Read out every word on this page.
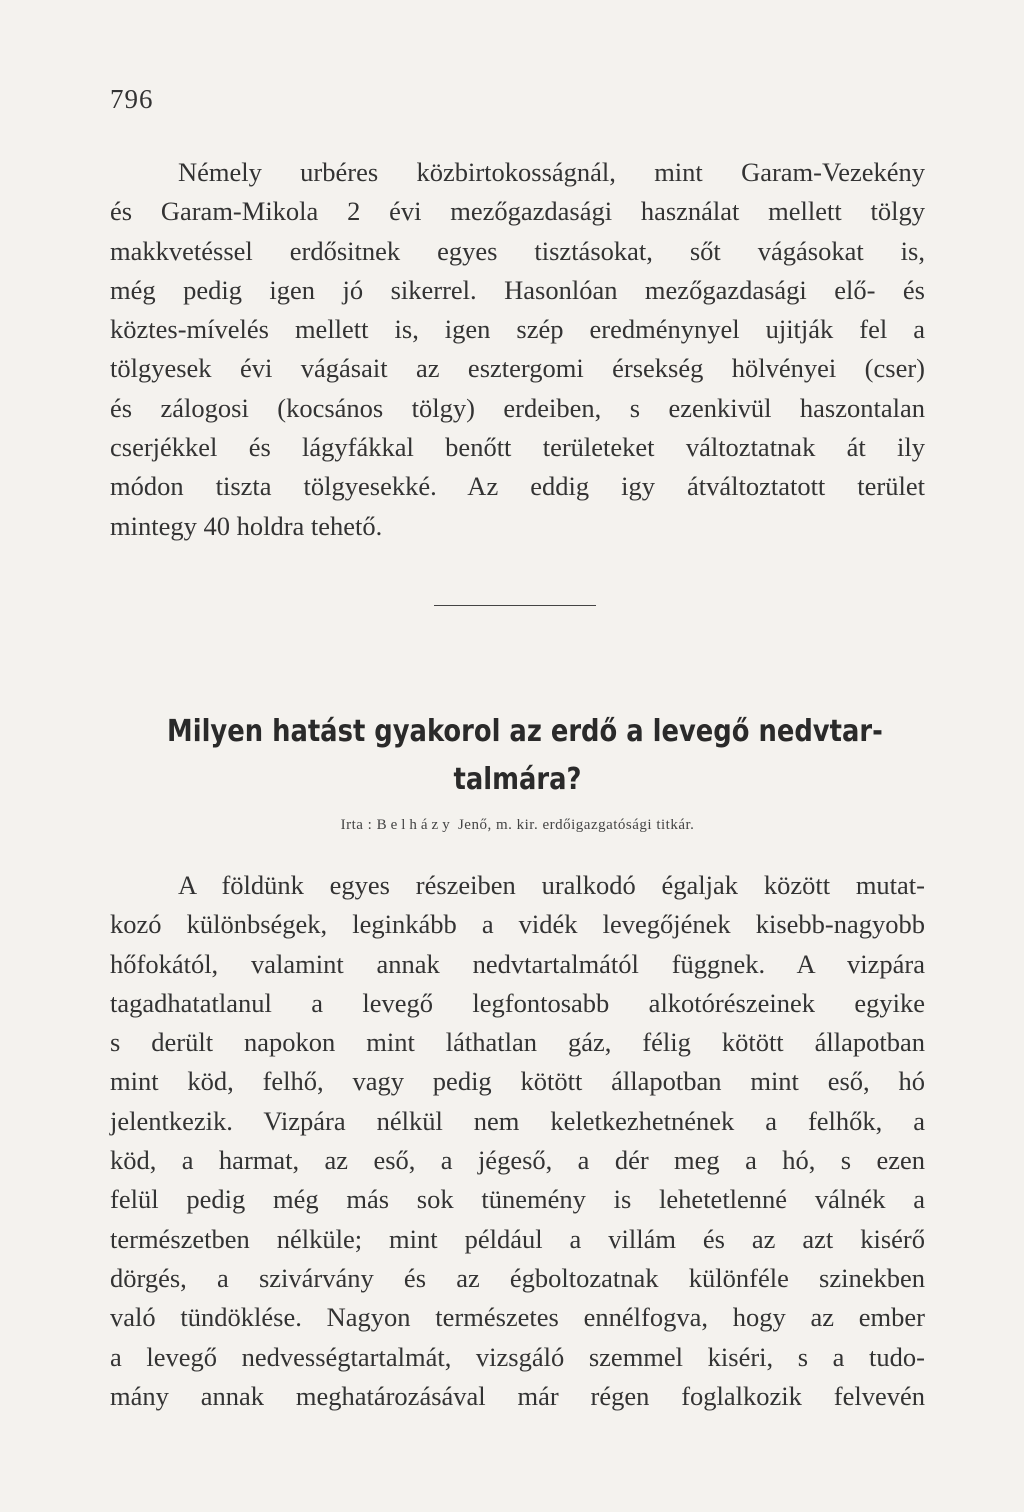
796
Némely urbéres közbirtokosságnál, mint Garam-Vezekény
és Garam-Mikola 2 évi mezőgazdasági használat mellett tölgy
makkvetéssel erdősitnek egyes tisztásokat, sőt vágásokat is,
még pedig igen jó sikerrel. Hasonlóan mezőgazdasági elő- és
köztes-mívelés mellett is, igen szép eredménynyel ujitják fel a
tölgyesek évi vágásait az esztergomi érsekség hölvényei (cser)
és zálogosi (kocsános tölgy) erdeiben, s ezenkivül haszontalan
cserjékkel és lágyfákkal benőtt területeket változtatnak át ily
módon tiszta tölgyesekké. Az eddig igy átváltoztatott terület
mintegy 40 holdra tehető.
Milyen hatást gyakorol az erdő a levegő nedvtar-
talmára?
Irta : Belházy Jenő, m. kir. erdőigazgatósági titkár.
A földünk egyes részeiben uralkodó égaljak között mutat-
kozó különbségek, leginkább a vidék levegőjének kisebb-nagyobb
hőfokától, valamint annak nedvtartalmától függnek. A vizpára
tagadhatatlanul a levegő legfontosabb alkotórészeinek egyike
s derült napokon mint láthatlan gáz, félig kötött állapotban
mint köd, felhő, vagy pedig kötött állapotban mint eső, hó
jelentkezik. Vizpára nélkül nem keletkezhetnének a felhők, a
köd, a harmat, az eső, a jégeső, a dér meg a hó, s ezen
felül pedig még más sok tünemény is lehetetlenné válnék a
természetben nélküle; mint például a villám és az azt kisérő
dörgés, a szivárvány és az égboltozatnak különféle szinekben
való tündöklése. Nagyon természetes ennélfogva, hogy az ember
a levegő nedvességtartalmát, vizsgáló szemmel kiséri, s a tudo-
mány annak meghatározásával már régen foglalkozik felvevén
